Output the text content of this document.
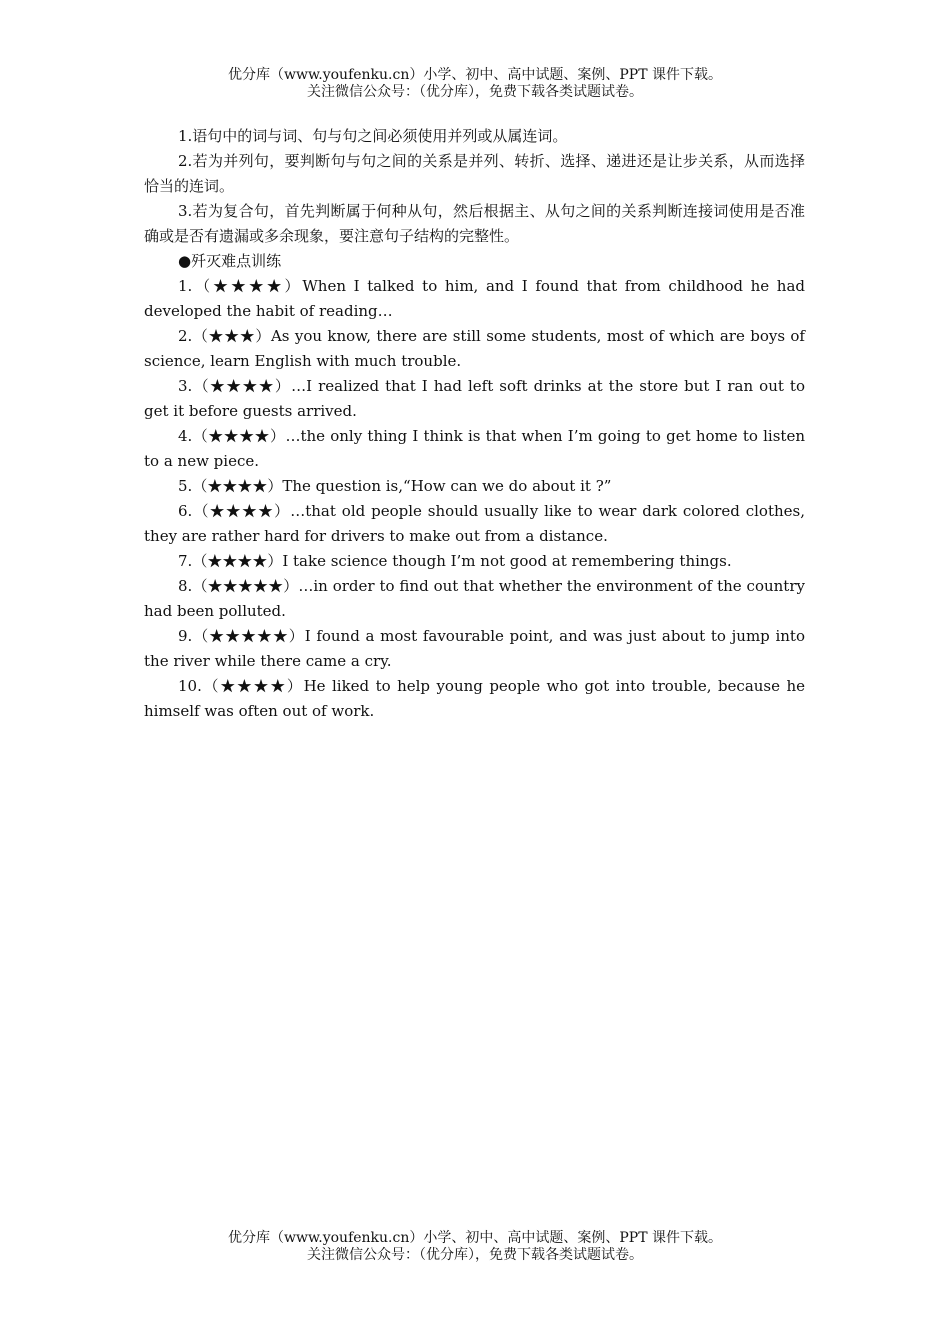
优分库（www.youfenku.cn）小学、初中、高中试题、案例、PPT 课件下载。
关注微信公众号：（优分库），免费下载各类试题试卷。

1.语句中的词与词、句与句之间必须使用并列或从属连词。

2.若为并列句，要判断句与句之间的关系是并列、转折、选择、递进还是让步关系，从而选择恰当的连词。

3.若为复合句，首先判断属于何种从句，然后根据主、从句之间的关系判断连接词使用是否准确或是否有遗漏或多余现象，要注意句子结构的完整性。

●歼灭难点训练

1.（★★★★）When I talked to him, and I found that from childhood he had developed the habit of reading…

2.（★★★）As you know, there are still some students, most of which are boys of science, learn English with much trouble.

3.（★★★★）…I realized that I had left soft drinks at the store but I ran out to get it before guests arrived.

4.（★★★★）…the only thing I think is that when I’m going to get home to listen to a new piece.

5.（★★★★）The question is,“How can we do about it ?”

6.（★★★★）…that old people should usually like to wear dark colored clothes, they are rather hard for drivers to make out from a distance.

7.（★★★★）I take science though I’m not good at remembering things.

8.（★★★★★）…in order to find out that whether the environment of the country had been polluted.

9.（★★★★★）I found a most favourable point, and was just about to jump into the river while there came a cry.

10.（★★★★）He liked to help young people who got into trouble, because he himself was often out of work.

优分库（www.youfenku.cn）小学、初中、高中试题、案例、PPT 课件下载。
关注微信公众号：（优分库），免费下载各类试题试卷。
